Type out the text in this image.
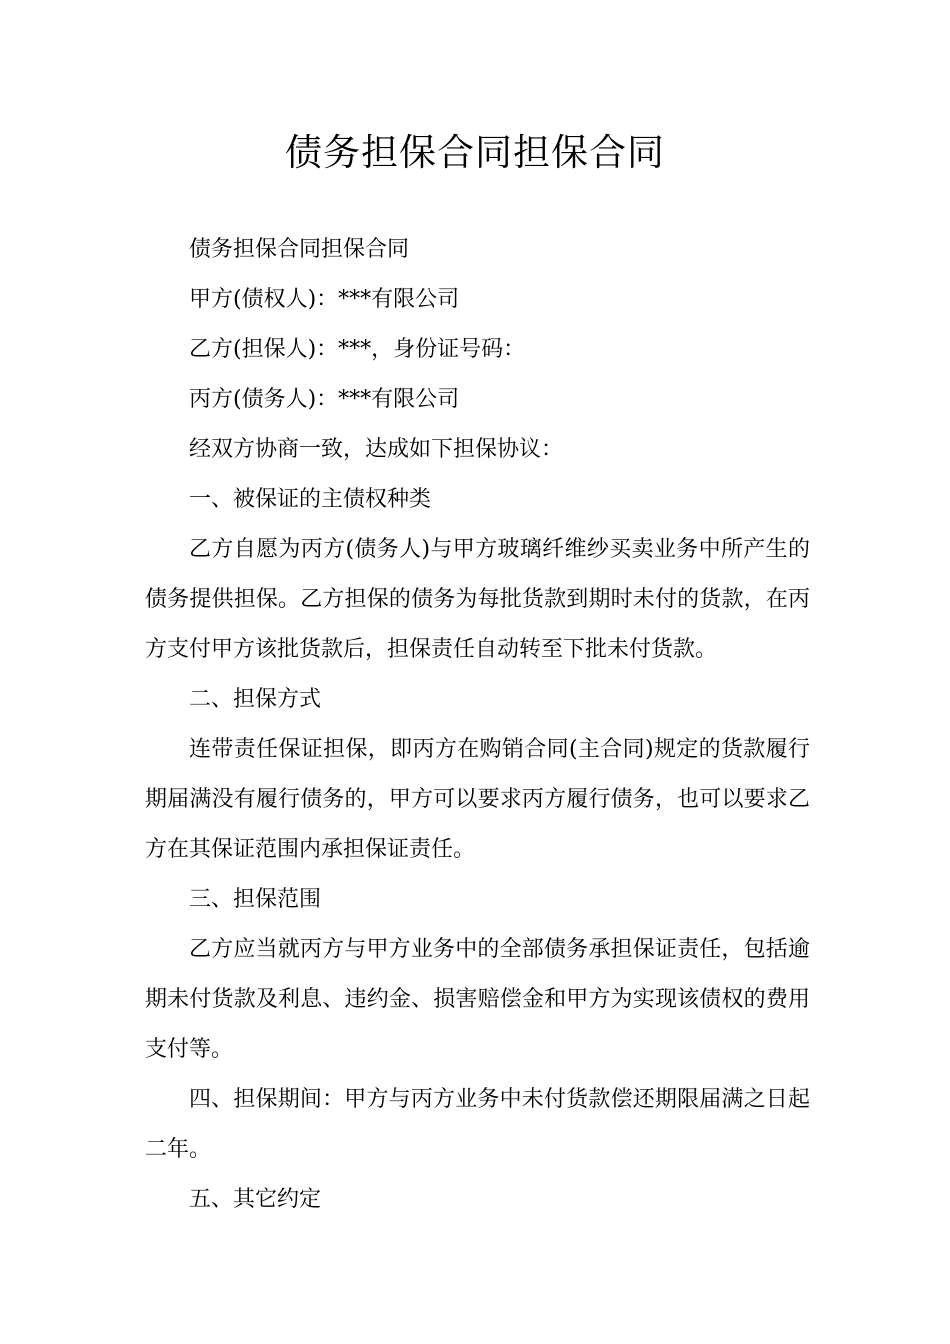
债务担保合同担保合同

债务担保合同担保合同

甲方(债权人)：***有限公司

乙方(担保人)：***，身份证号码：

丙方(债务人)：***有限公司

经双方协商一致，达成如下担保协议：

一、被保证的主债权种类

乙方自愿为丙方(债务人)与甲方玻璃纤维纱买卖业务中所产生的债务提供担保。乙方担保的债务为每批货款到期时未付的货款，在丙方支付甲方该批货款后，担保责任自动转至下批未付货款。

二、担保方式

连带责任保证担保，即丙方在购销合同(主合同)规定的货款履行期届满没有履行债务的，甲方可以要求丙方履行债务，也可以要求乙方在其保证范围内承担保证责任。

三、担保范围

乙方应当就丙方与甲方业务中的全部债务承担保证责任，包括逾期未付货款及利息、违约金、损害赔偿金和甲方为实现该债权的费用支付等。

四、担保期间：甲方与丙方业务中未付货款偿还期限届满之日起二年。

五、其它约定
